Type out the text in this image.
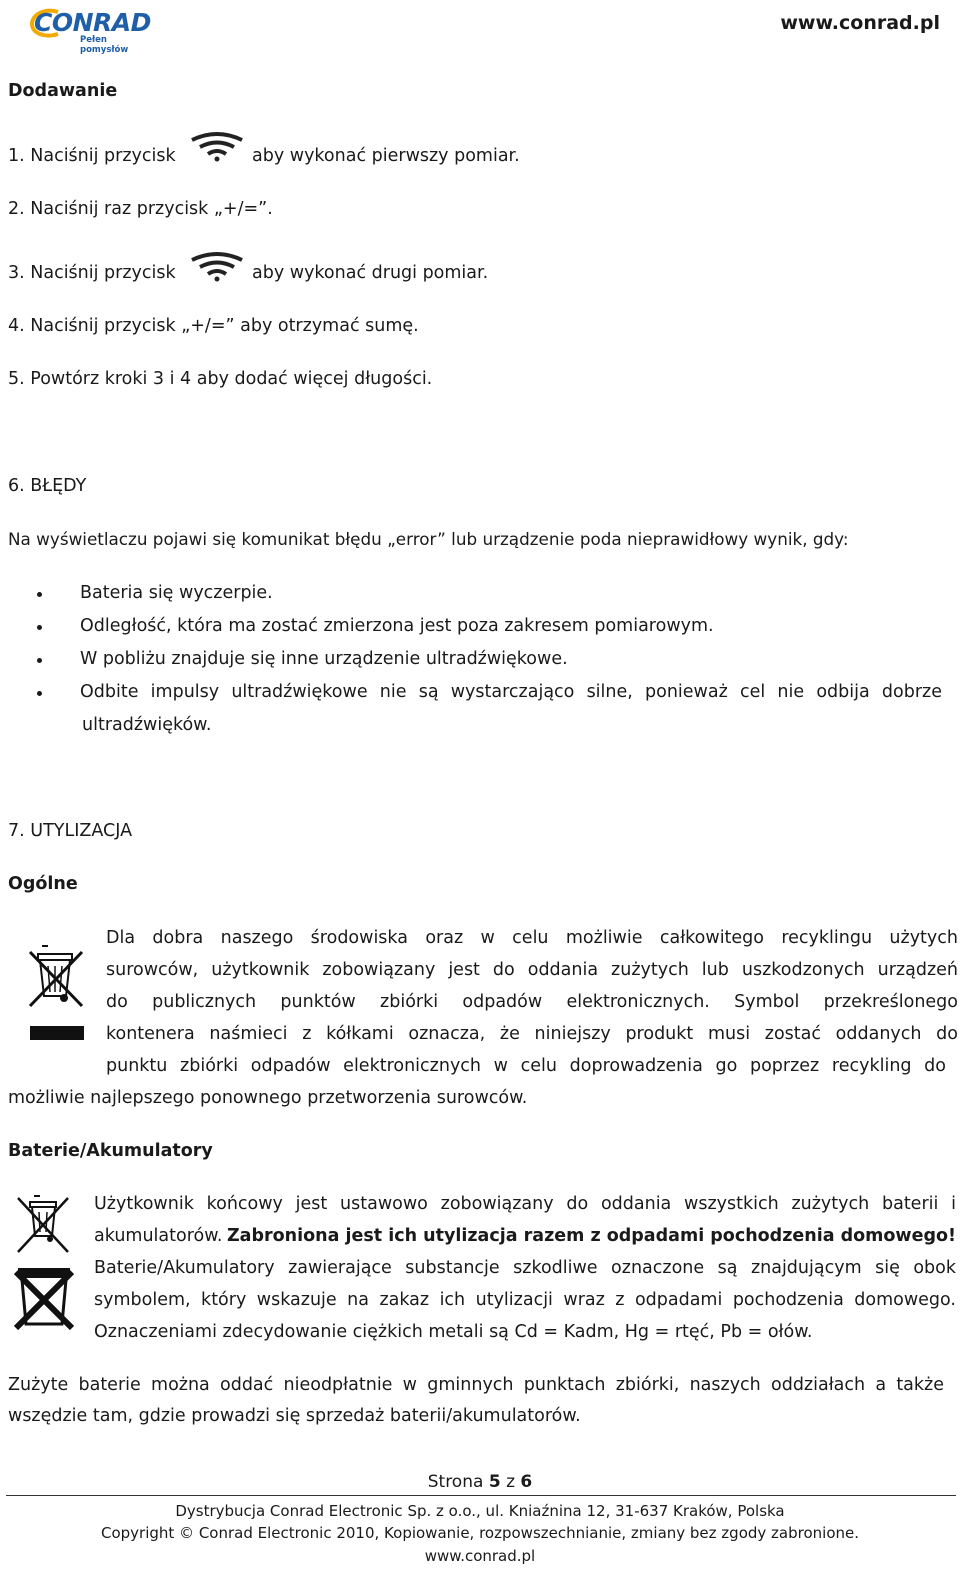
CONRAD
Pełen pomysłów
www.conrad.pl
Dodawanie
1. Naciśnij przycisk	aby wykonać pierwszy pomiar.
2. Naciśnij raz przycisk „+/=”.
3. Naciśnij przycisk	aby wykonać drugi pomiar.
4. Naciśnij przycisk „+/=” aby otrzymać sumę.
5. Powtórz kroki 3 i 4 aby dodać więcej długości.
6. BŁĘDY
Na wyświetlaczu pojawi się komunikat błędu „error” lub urządzenie poda nieprawidłowy wynik, gdy:
Bateria się wyczerpie.
Odległość, która ma zostać zmierzona jest poza zakresem pomiarowym.
W pobliżu znajduje się inne urządzenie ultradźwiękowe.
Odbite impulsy ultradźwiękowe nie są wystarczająco silne, ponieważ cel nie odbija dobrze
ultradźwięków.
7. UTYLIZACJA
Ogólne
Dla dobra naszego środowiska oraz w celu możliwie całkowitego recyklingu użytych
surowców, użytkownik zobowiązany jest do oddania zużytych lub uszkodzonych urządzeń
do publicznych punktów zbiórki odpadów elektronicznych. Symbol przekreślonego
kontenera naśmieci z kółkami oznacza, że niniejszy produkt musi zostać oddanych do
punktu zbiórki odpadów elektronicznych w celu doprowadzenia go poprzez recykling do
możliwie najlepszego ponownego przetworzenia surowców.
Baterie/Akumulatory
Użytkownik końcowy jest ustawowo zobowiązany do oddania wszystkich zużytych baterii i
akumulatorów. Zabroniona jest ich utylizacja razem z odpadami pochodzenia domowego!
Baterie/Akumulatory zawierające substancje szkodliwe oznaczone są znajdującym się obok
symbolem, który wskazuje na zakaz ich utylizacji wraz z odpadami pochodzenia domowego.
Oznaczeniami zdecydowanie ciężkich metali są Cd = Kadm, Hg = rtęć, Pb = ołów.
Zużyte baterie można oddać nieodpłatnie w gminnych punktach zbiórki, naszych oddziałach a także
wszędzie tam, gdzie prowadzi się sprzedaż baterii/akumulatorów.
Strona 5 z 6
Dystrybucja Conrad Electronic Sp. z o.o., ul. Kniaźnina 12, 31-637 Kraków, Polska
Copyright © Conrad Electronic 2010, Kopiowanie, rozpowszechnianie, zmiany bez zgody zabronione.
www.conrad.pl
